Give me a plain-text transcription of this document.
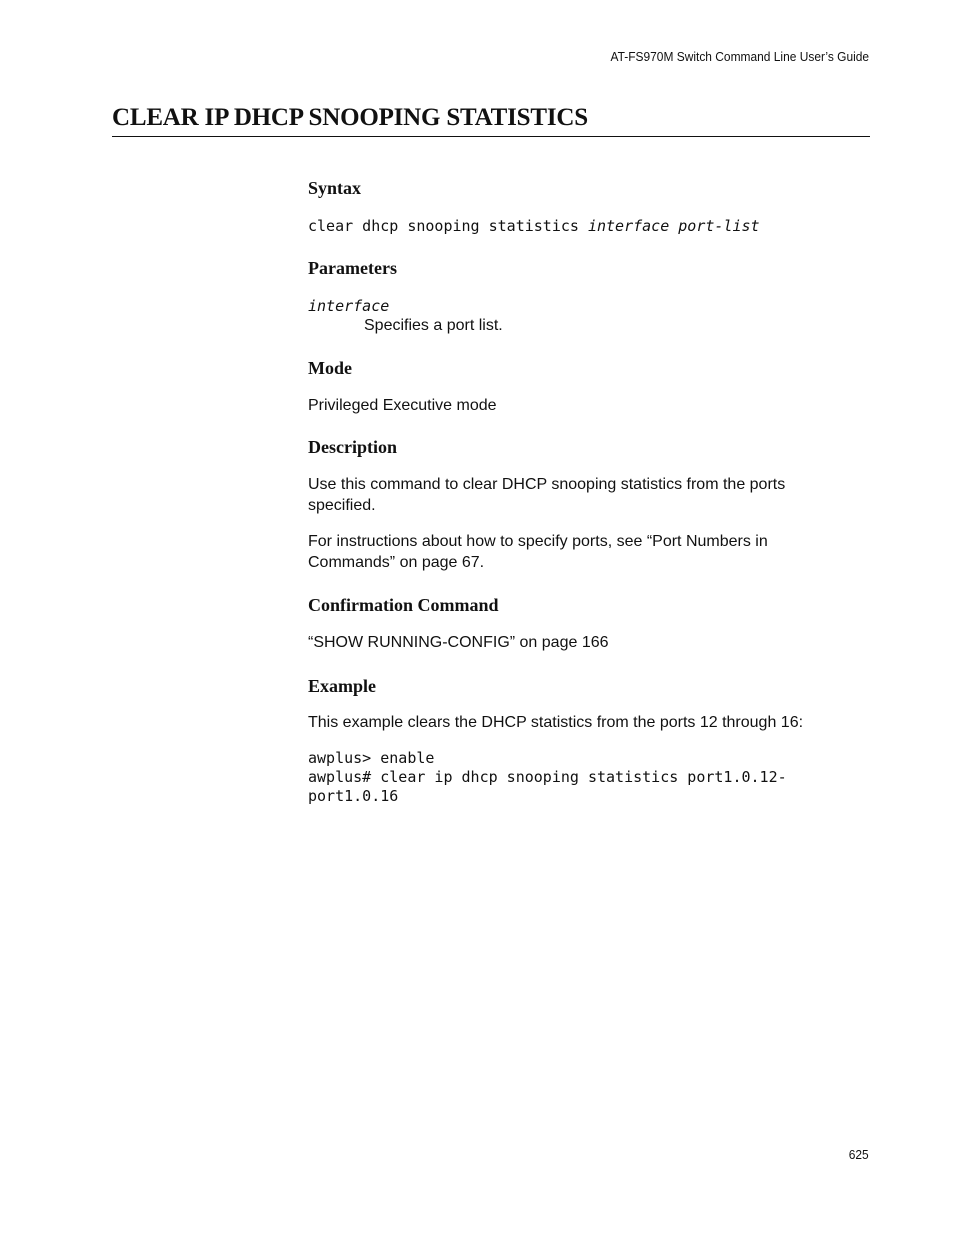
AT-FS970M Switch Command Line User’s Guide
CLEAR IP DHCP SNOOPING STATISTICS
Syntax
clear dhcp snooping statistics interface port-list
Parameters
interface

Specifies a port list.

Mode

Privileged Executive mode

Description

Use this command to clear DHCP snooping statistics from the ports
specified.

For instructions about how to specify ports, see “Port Numbers in
Commands” on page 67.

Confirmation Command

“SHOW RUNNING-CONFIG” on page 166

Example

This example clears the DHCP statistics from the ports 12 through 16:

awplus> enable
awplus# clear ip dhcp snooping statistics port1.0.12-
port1.0.16
625
